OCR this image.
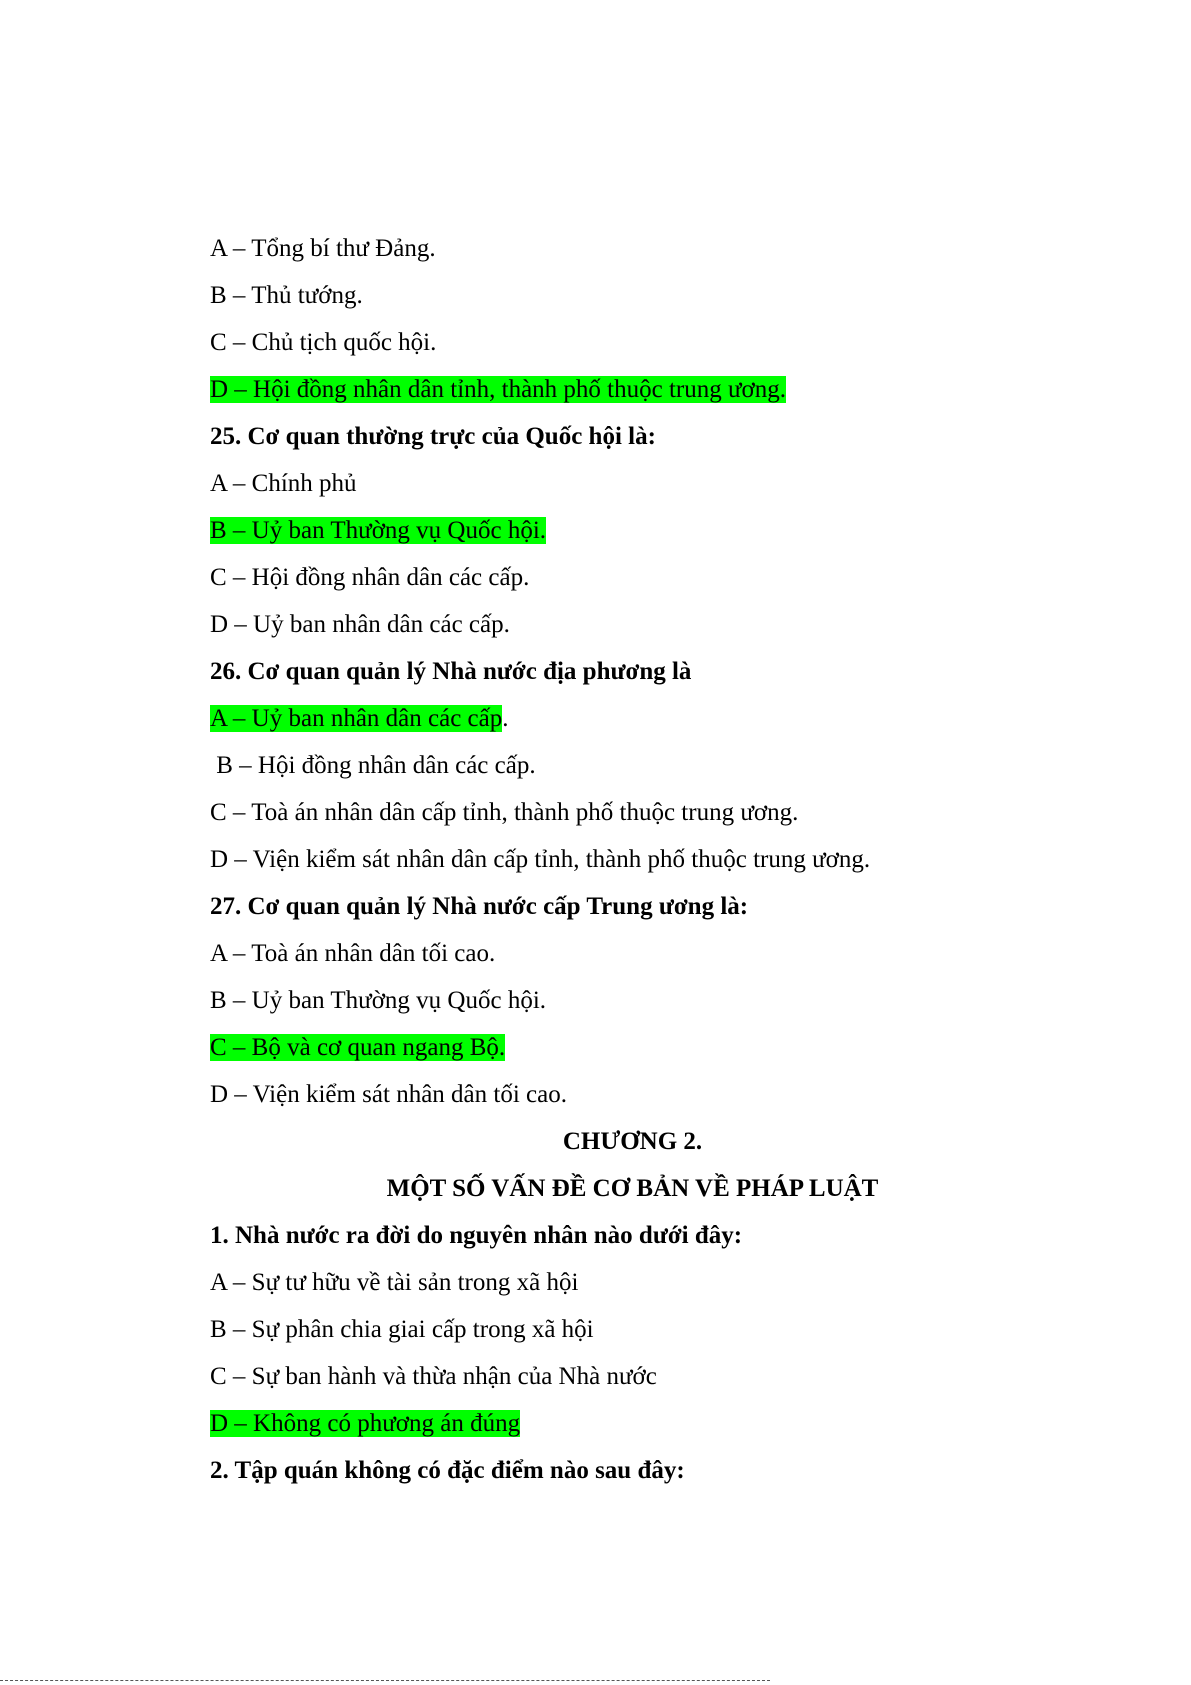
A – Tổng bí thư Đảng.
B – Thủ tướng.
C – Chủ tịch quốc hội.
D – Hội đồng nhân dân tỉnh, thành phố thuộc trung ương.
25. Cơ quan thường trực của Quốc hội là:
A – Chính phủ
B – Uỷ ban Thường vụ Quốc hội.
C – Hội đồng nhân dân các cấp.
D – Uỷ ban nhân dân các cấp.
26. Cơ quan quản lý Nhà nước địa phương là
A – Uỷ ban nhân dân các cấp.
B – Hội đồng nhân dân các cấp.
C – Toà án nhân dân cấp tỉnh, thành phố thuộc trung ương.
D – Viện kiểm sát nhân dân cấp tỉnh, thành phố thuộc trung ương.
27. Cơ quan quản lý Nhà nước cấp Trung ương là:
A – Toà án nhân dân tối cao.
B – Uỷ ban Thường vụ Quốc hội.
C – Bộ và cơ quan ngang Bộ.
D – Viện kiểm sát nhân dân tối cao.
CHƯƠNG 2.
MỘT SỐ VẤN ĐỀ CƠ BẢN VỀ PHÁP LUẬT
1. Nhà nước ra đời do nguyên nhân nào dưới đây:
A – Sự tư hữu về tài sản trong xã hội
B – Sự phân chia giai cấp trong xã hội
C – Sự ban hành và thừa nhận của Nhà nước
D – Không có phương án đúng
2. Tập quán không có đặc điểm nào sau đây:
